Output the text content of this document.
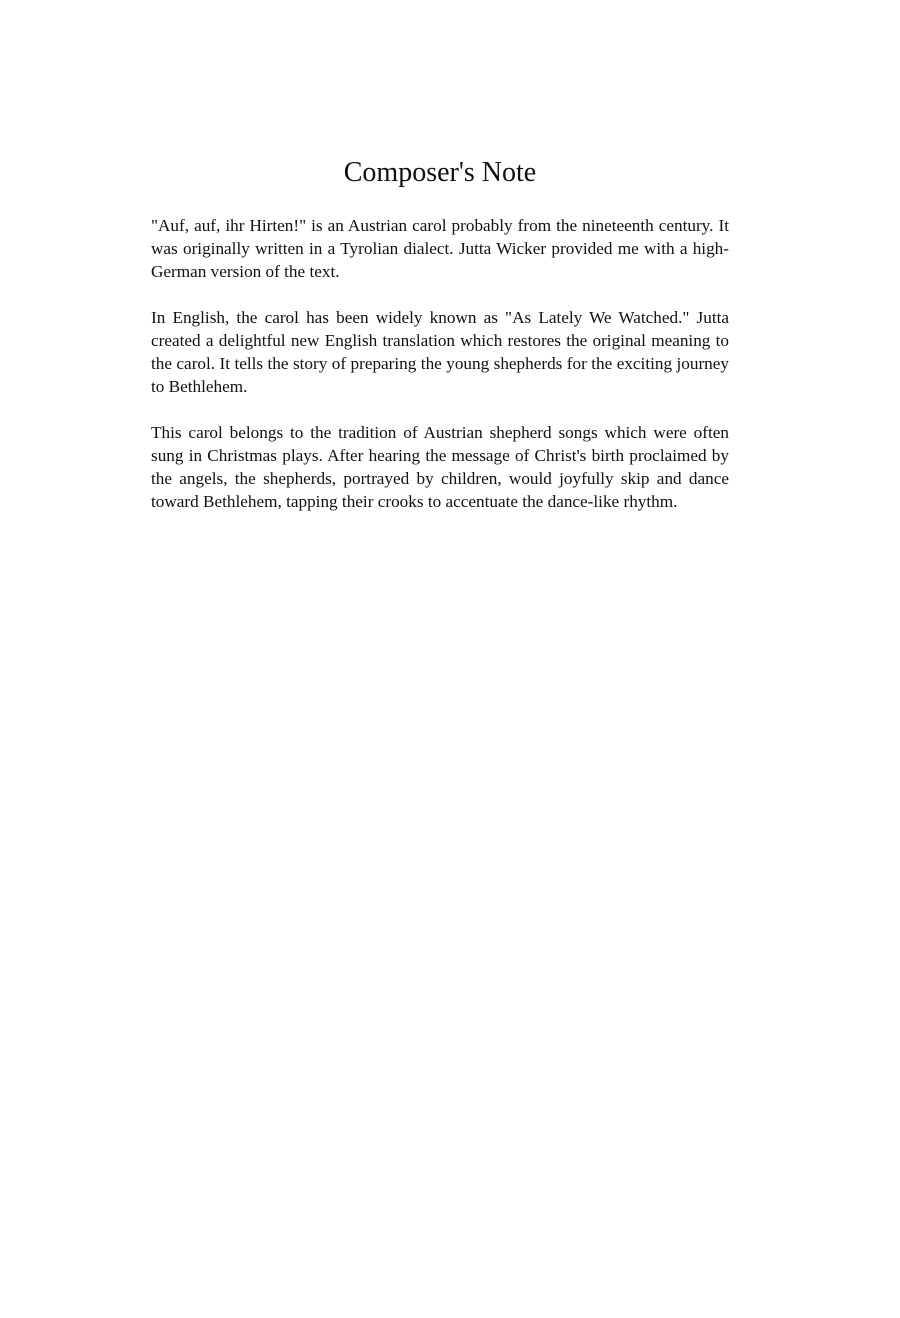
Composer's Note

"Auf, auf, ihr Hirten!" is an Austrian carol probably from the nineteenth century. It was originally written in a Tyrolian dialect. Jutta Wicker provided me with a high-German version of the text.

In English, the carol has been widely known as "As Lately We Watched." Jutta created a delightful new English translation which restores the original meaning to the carol. It tells the story of preparing the young shepherds for the exciting journey to Bethlehem.

This carol belongs to the tradition of Austrian shepherd songs which were often sung in Christmas plays. After hearing the message of Christ's birth proclaimed by the angels, the shepherds, portrayed by children, would joyfully skip and dance toward Bethlehem, tapping their crooks to accentuate the dance-like rhythm.
